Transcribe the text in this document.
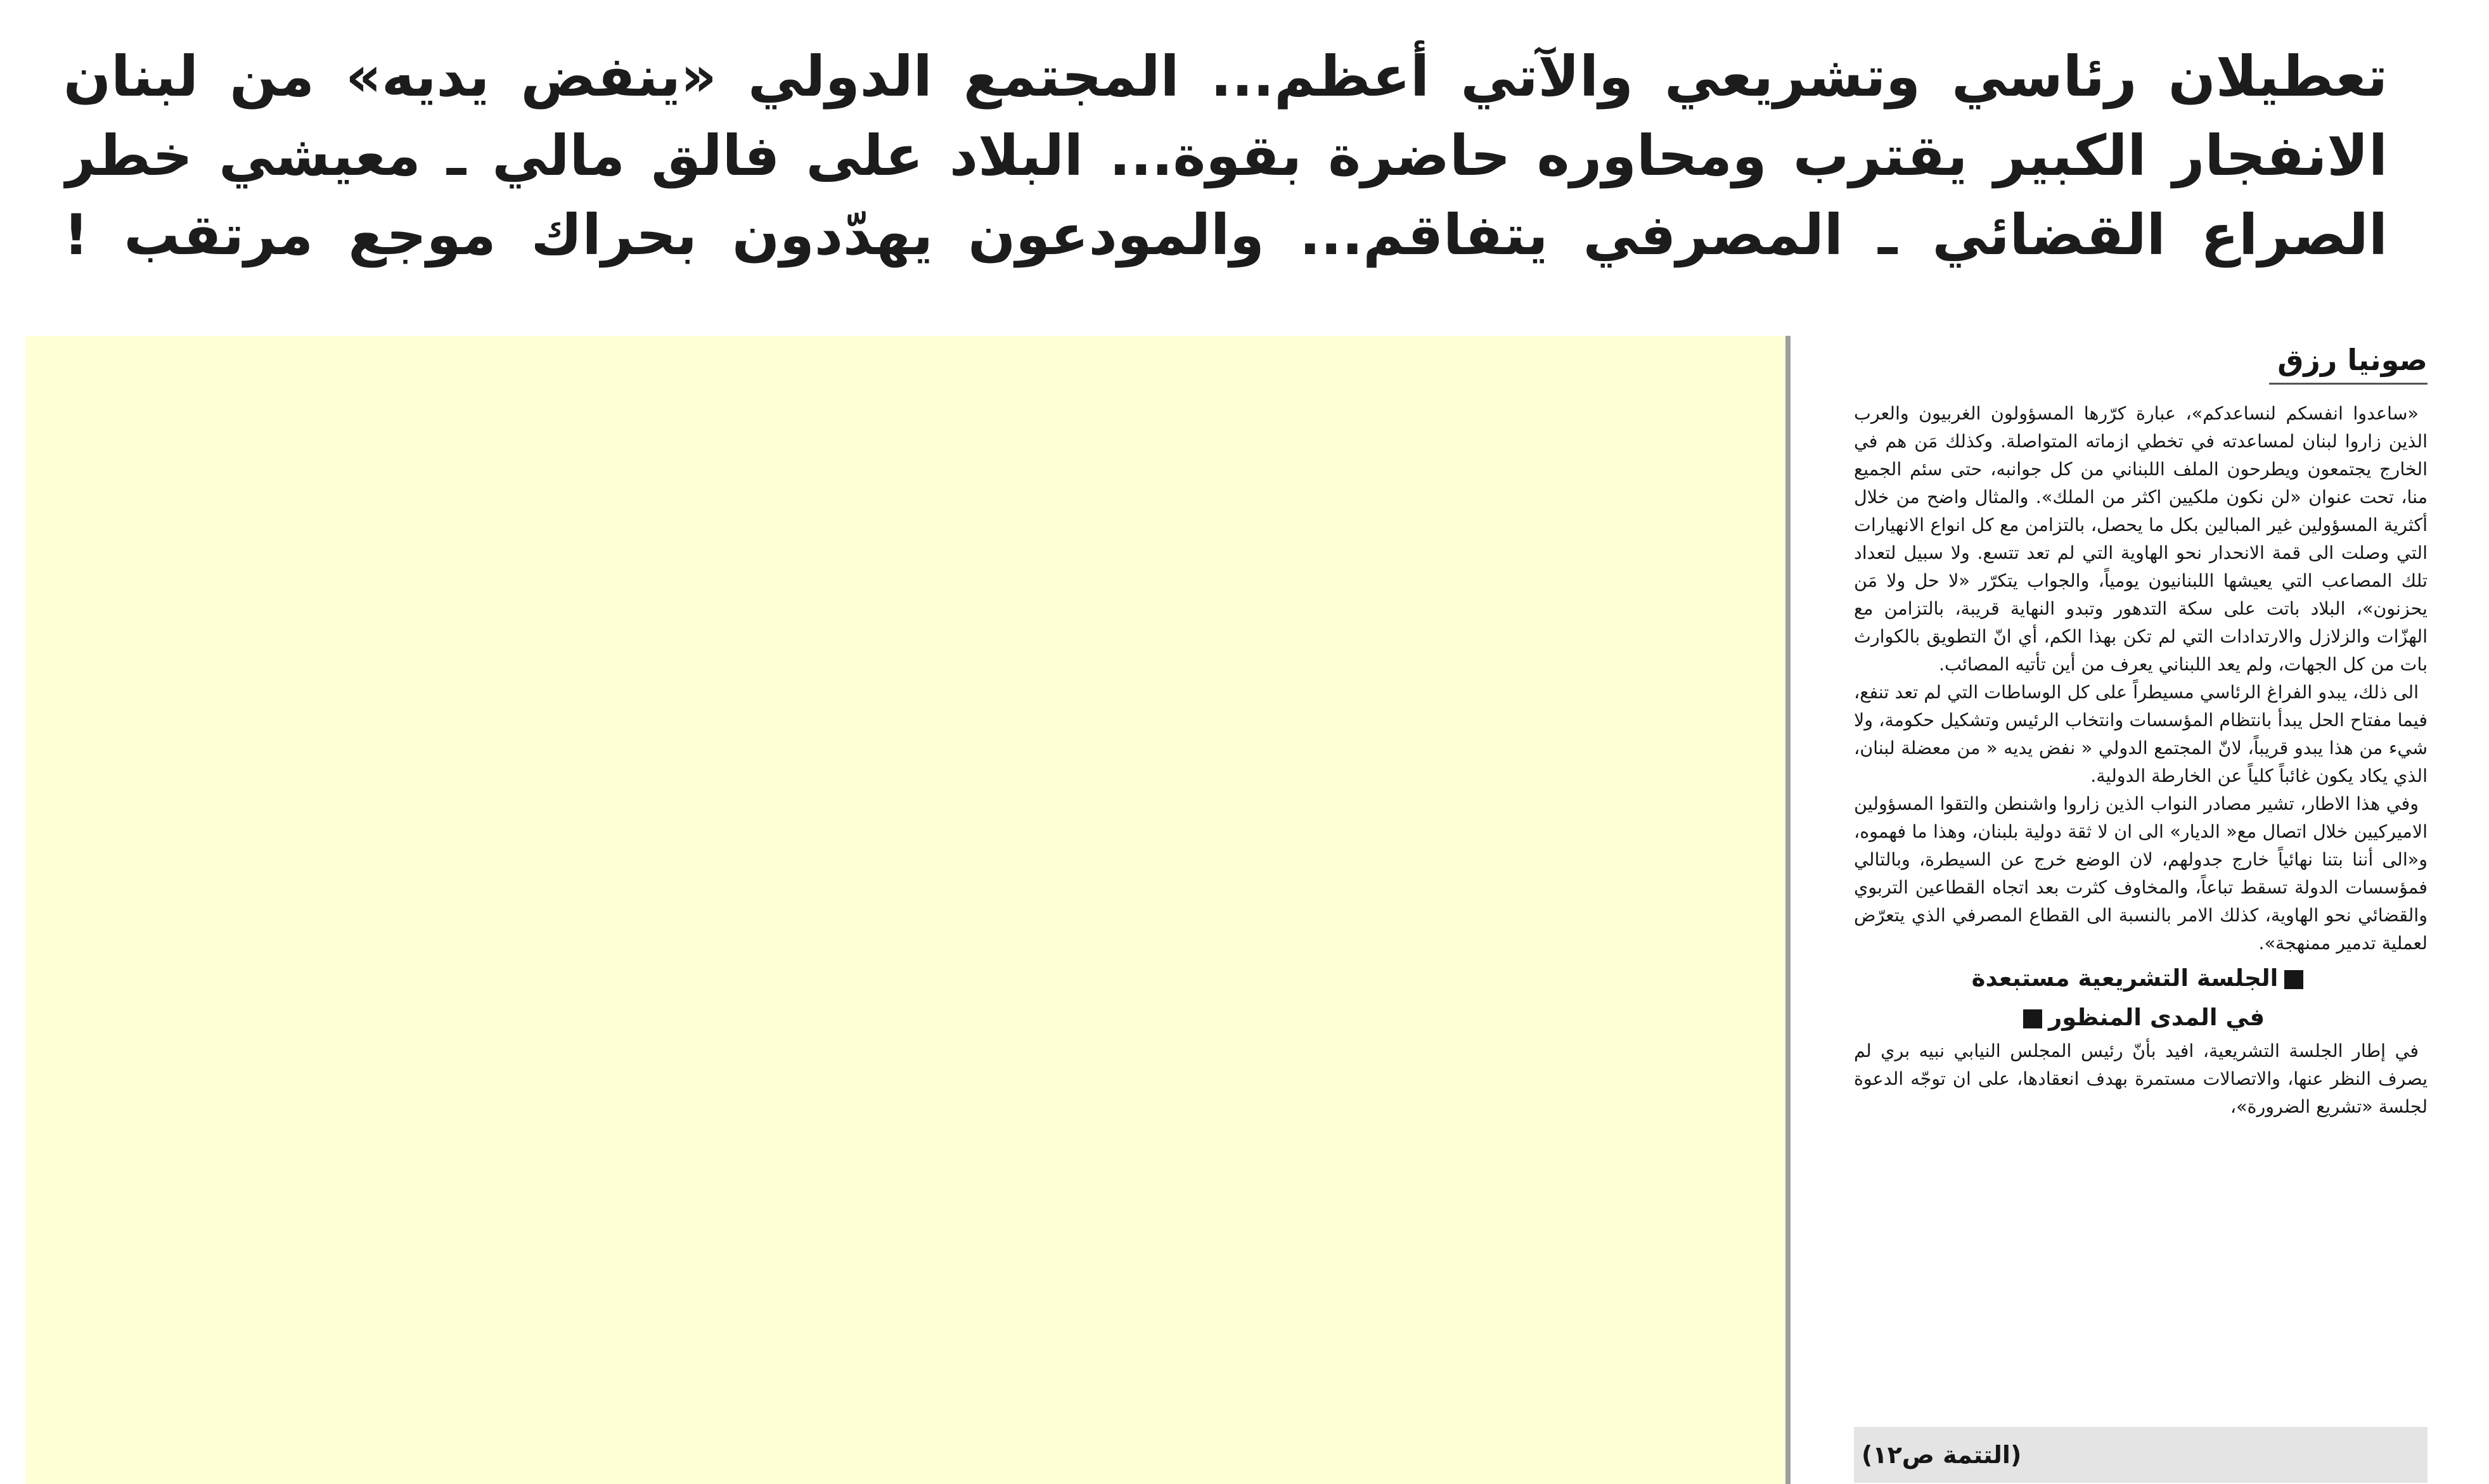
تعطيلان رئاسي وتشريعي والآتي أعظم... المجتمع الدولي «ينفض يديه» من لبنان
الانفجار الكبير يقترب ومحاوره حاضرة بقوة... البلاد على فالق مالي ـ معيشي خطر
الصراع القضائي ـ المصرفي يتفاقم... والمودعون يهدّدون بحراك موجع مرتقب !
صونيا رزق

«ساعدوا انفسكم لنساعدكم»، عبارة كرّرها المسؤولون الغربيون والعرب الذين زاروا لبنان لمساعدته في تخطي ازماته المتواصلة. وكذلك مَن هم في الخارج يجتمعون ويطرحون الملف اللبناني من كل جوانبه، حتى سئم الجميع منا، تحت عنوان «لن نكون ملكيين اكثر من الملك». والمثال واضح من خلال أكثرية المسؤولين غير المبالين بكل ما يحصل، بالتزامن مع كل انواع الانهيارات التي وصلت الى قمة الانحدار نحو الهاوية التي لم تعد تتسع. ولا سبيل لتعداد تلك المصاعب التي يعيشها اللبنانيون يومياً، والجواب يتكرّر «لا حل ولا مَن يحزنون»، البلاد باتت على سكة التدهور وتبدو النهاية قريبة، بالتزامن مع الهزّات والزلازل والارتدادات التي لم تكن بهذا الكم، أي انّ التطويق بالكوارث بات من كل الجهات، ولم يعد اللبناني يعرف من أين تأتيه المصائب.

الى ذلك، يبدو الفراغ الرئاسي مسيطراً على كل الوساطات التي لم تعد تنفع، فيما مفتاح الحل يبدأ بانتظام المؤسسات وانتخاب الرئيس وتشكيل حكومة، ولا شيء من هذا يبدو قريباً، لانّ المجتمع الدولي « نفض يديه « من معضلة لبنان، الذي يكاد يكون غائباً كلياً عن الخارطة الدولية.

وفي هذا الاطار، تشير مصادر النواب الذين زاروا واشنطن والتقوا المسؤولين الاميركيين خلال اتصال مع« الديار» الى ان لا ثقة دولية بلبنان، وهذا ما فهموه، و«الى أننا بتنا نهائياً خارج جدولهم، لان الوضع خرج عن السيطرة، وبالتالي فمؤسسات الدولة تسقط تباعاً، والمخاوف كثرت بعد اتجاه القطاعين التربوي والقضائي نحو الهاوية، كذلك الامر بالنسبة الى القطاع المصرفي الذي يتعرّض لعملية تدمير ممنهجة».

الجلسة التشريعية مستبعدة
في المدى المنظور

في إطار الجلسة التشريعية، افيد بأنّ رئيس المجلس النيابي نبيه بري لم يصرف النظر عنها، والاتصالات مستمرة بهدف انعقادها، على ان توجّه الدعوة لجلسة «تشريع الضرورة»،

(التتمة ص١٢)
